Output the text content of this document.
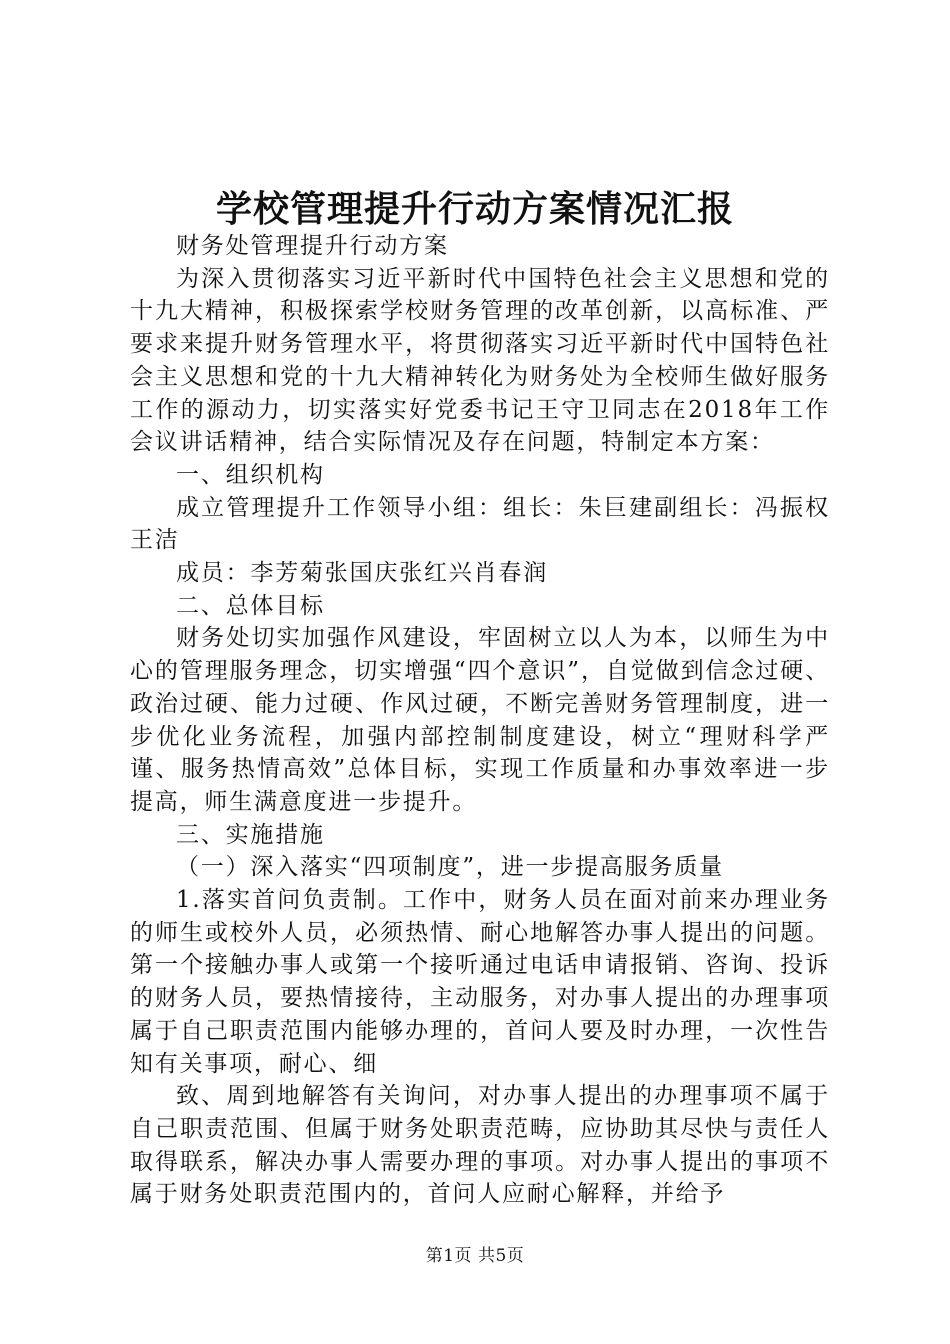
学校管理提升行动方案情况汇报

财务处管理提升行动方案

为深入贯彻落实习近平新时代中国特色社会主义思想和党的十九大精神，积极探索学校财务管理的改革创新，以高标准、严要求来提升财务管理水平，将贯彻落实习近平新时代中国特色社会主义思想和党的十九大精神转化为财务处为全校师生做好服务工作的源动力，切实落实好党委书记王守卫同志在2018年工作会议讲话精神，结合实际情况及存在问题，特制定本方案：

一、组织机构

成立管理提升工作领导小组：组长：朱巨建副组长：冯振权王洁

成员：李芳菊张国庆张红兴肖春润

二、总体目标

财务处切实加强作风建设，牢固树立以人为本，以师生为中心的管理服务理念，切实增强“四个意识”，自觉做到信念过硬、政治过硬、能力过硬、作风过硬，不断完善财务管理制度，进一步优化业务流程，加强内部控制制度建设，树立“理财科学严谨、服务热情高效”总体目标，实现工作质量和办事效率进一步提高，师生满意度进一步提升。

三、实施措施

（一）深入落实“四项制度”，进一步提高服务质量

1.落实首问负责制。工作中，财务人员在面对前来办理业务的师生或校外人员，必须热情、耐心地解答办事人提出的问题。第一个接触办事人或第一个接听通过电话申请报销、咨询、投诉的财务人员，要热情接待，主动服务，对办事人提出的办理事项属于自己职责范围内能够办理的，首问人要及时办理，一次性告知有关事项，耐心、细

致、周到地解答有关询问，对办事人提出的办理事项不属于自己职责范围、但属于财务处职责范畴，应协助其尽快与责任人取得联系，解决办事人需要办理的事项。对办事人提出的事项不属于财务处职责范围内的，首问人应耐心解释，并给予

第1页 共5页
